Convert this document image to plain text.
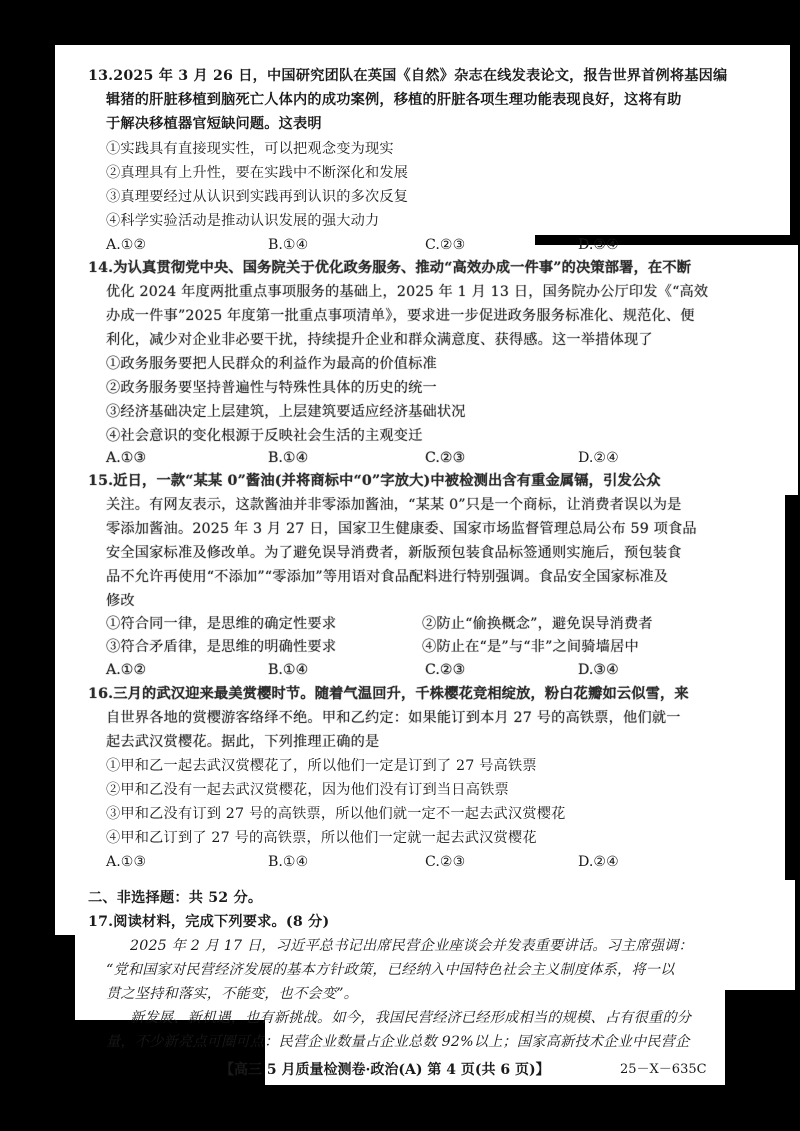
13.2025 年 3 月 26 日，中国研究团队在英国《自然》杂志在线发表论文，报告世界首例将基因编
辑猪的肝脏移植到脑死亡人体内的成功案例，移植的肝脏各项生理功能表现良好，这将有助
于解决移植器官短缺问题。这表明
①实践具有直接现实性，可以把观念变为现实
②真理具有上升性，要在实践中不断深化和发展
③真理要经过从认识到实践再到认识的多次反复
④科学实验活动是推动认识发展的强大动力
A.①②	B.①④	C.②③	D.③④
14.为认真贯彻党中央、国务院关于优化政务服务、推动“高效办成一件事”的决策部署，在不断
优化 2024 年度两批重点事项服务的基础上，2025 年 1 月 13 日，国务院办公厅印发《“高效
办成一件事”2025 年度第一批重点事项清单》，要求进一步促进政务服务标准化、规范化、便
利化，减少对企业非必要干扰，持续提升企业和群众满意度、获得感。这一举措体现了
①政务服务要把人民群众的利益作为最高的价值标准
②政务服务要坚持普遍性与特殊性具体的历史的统一
③经济基础决定上层建筑，上层建筑要适应经济基础状况
④社会意识的变化根源于反映社会生活的主观变迁
A.①③	B.①④	C.②③	D.②④
15.近日，一款“某某 0”酱油(并将商标中“0”字放大)中被检测出含有重金属镉，引发公众
关注。有网友表示，这款酱油并非零添加酱油，“某某 0”只是一个商标，让消费者误以为是
零添加酱油。2025 年 3 月 27 日，国家卫生健康委、国家市场监督管理总局公布 59 项食品
安全国家标准及修改单。为了避免误导消费者，新版预包装食品标签通则实施后，预包装食
品不允许再使用“不添加”“零添加”等用语对食品配料进行特别强调。食品安全国家标准及
修改
①符合同一律，是思维的确定性要求	②防止“偷换概念”，避免误导消费者
③符合矛盾律，是思维的明确性要求	④防止在“是”与“非”之间骑墙居中
A.①②	B.①④	C.②③	D.③④
16.三月的武汉迎来最美赏樱时节。随着气温回升，千株樱花竞相绽放，粉白花瓣如云似雪，来
自世界各地的赏樱游客络绎不绝。甲和乙约定：如果能订到本月 27 号的高铁票，他们就一
起去武汉赏樱花。据此，下列推理正确的是
①甲和乙一起去武汉赏樱花了，所以他们一定是订到了 27 号高铁票
②甲和乙没有一起去武汉赏樱花，因为他们没有订到当日高铁票
③甲和乙没有订到 27 号的高铁票，所以他们就一定不一起去武汉赏樱花
④甲和乙订到了 27 号的高铁票，所以他们一定就一起去武汉赏樱花
A.①③	B.①④	C.②③	D.②④
二、非选择题：共 52 分。
17.阅读材料，完成下列要求。(8 分)
2025 年 2 月 17 日，习近平总书记出席民营企业座谈会并发表重要讲话。习主席强调：
“党和国家对民营经济发展的基本方针政策，已经纳入中国特色社会主义制度体系，将一以
贯之坚持和落实，不能变，也不会变”。
新发展、新机遇，也有新挑战。如今，我国民营经济已经形成相当的规模、占有很重的分
量，不少新亮点可圈可点：民营企业数量占企业总数 92%以上；国家高新技术企业中民营企
【高三 5 月质量检测卷·政治(A) 第 4 页(共 6 页)】	25－X－635C
